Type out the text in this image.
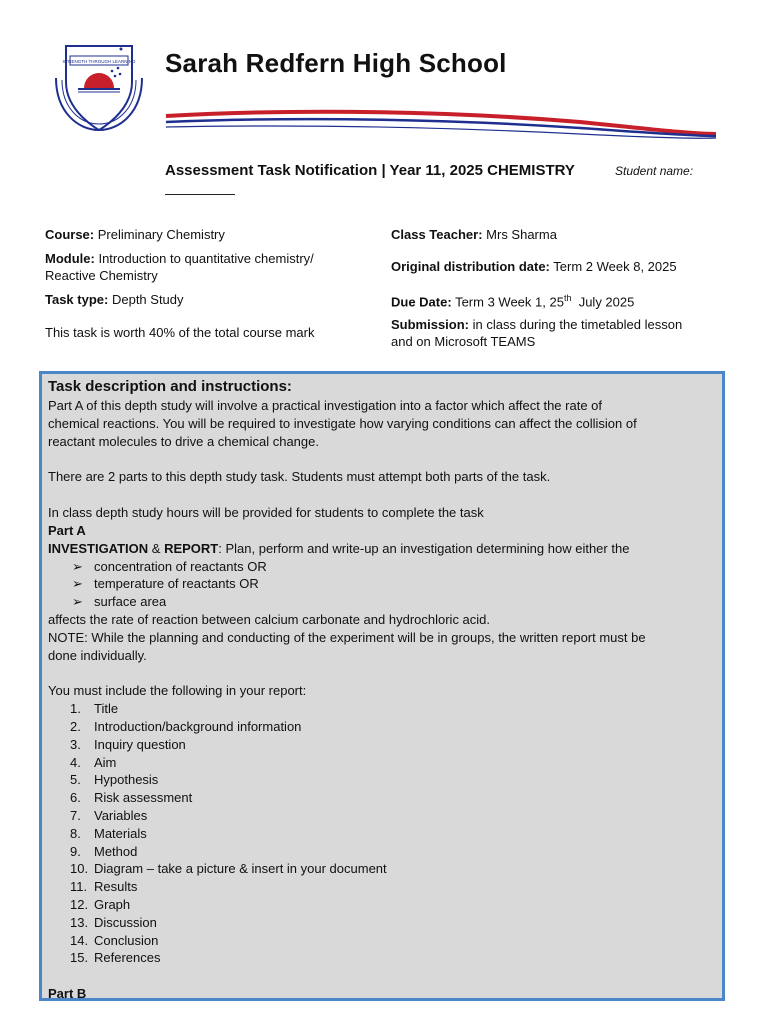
STRENGTH THROUGH LEARNING Sarah Redfern High School
Assessment Task Notification | Year 11, 2025 CHEMISTRY	Student name:
Course: Preliminary Chemistry
Module: Introduction to quantitative chemistry/
Reactive Chemistry
Task type: Depth Study
This task is worth 40% of the total course mark
Class Teacher: Mrs Sharma
Original distribution date: Term 2 Week 8, 2025
Due Date: Term 3 Week 1, 25th July 2025
Submission: in class during the timetabled lesson
and on Microsoft TEAMS
Task description and instructions:

Part A of this depth study will involve a practical investigation into a factor which affect the rate of

chemical reactions. You will be required to investigate how varying conditions can affect the collision of

reactant molecules to drive a chemical change.

There are 2 parts to this depth study task. Students must attempt both parts of the task.

In class depth study hours will be provided for students to complete the task

Part A

INVESTIGATION & REPORT: Plan, perform and write-up an investigation determining how either the

➢ concentration of reactants OR
➢ temperature of reactants OR
➢ surface area

affects the rate of reaction between calcium carbonate and hydrochloric acid.

NOTE: While the planning and conducting of the experiment will be in groups, the written report must be

done individually.

You must include the following in your report:

1.	Title
2.	Introduction/background information
3.	Inquiry question
4.	Aim
5.	Hypothesis
6.	Risk assessment
7.	Variables
8.	Materials
9.	Method
10. Diagram – take a picture & insert in your document
11. Results
12. Graph
13. Discussion
14. Conclusion
15. References

Part B
